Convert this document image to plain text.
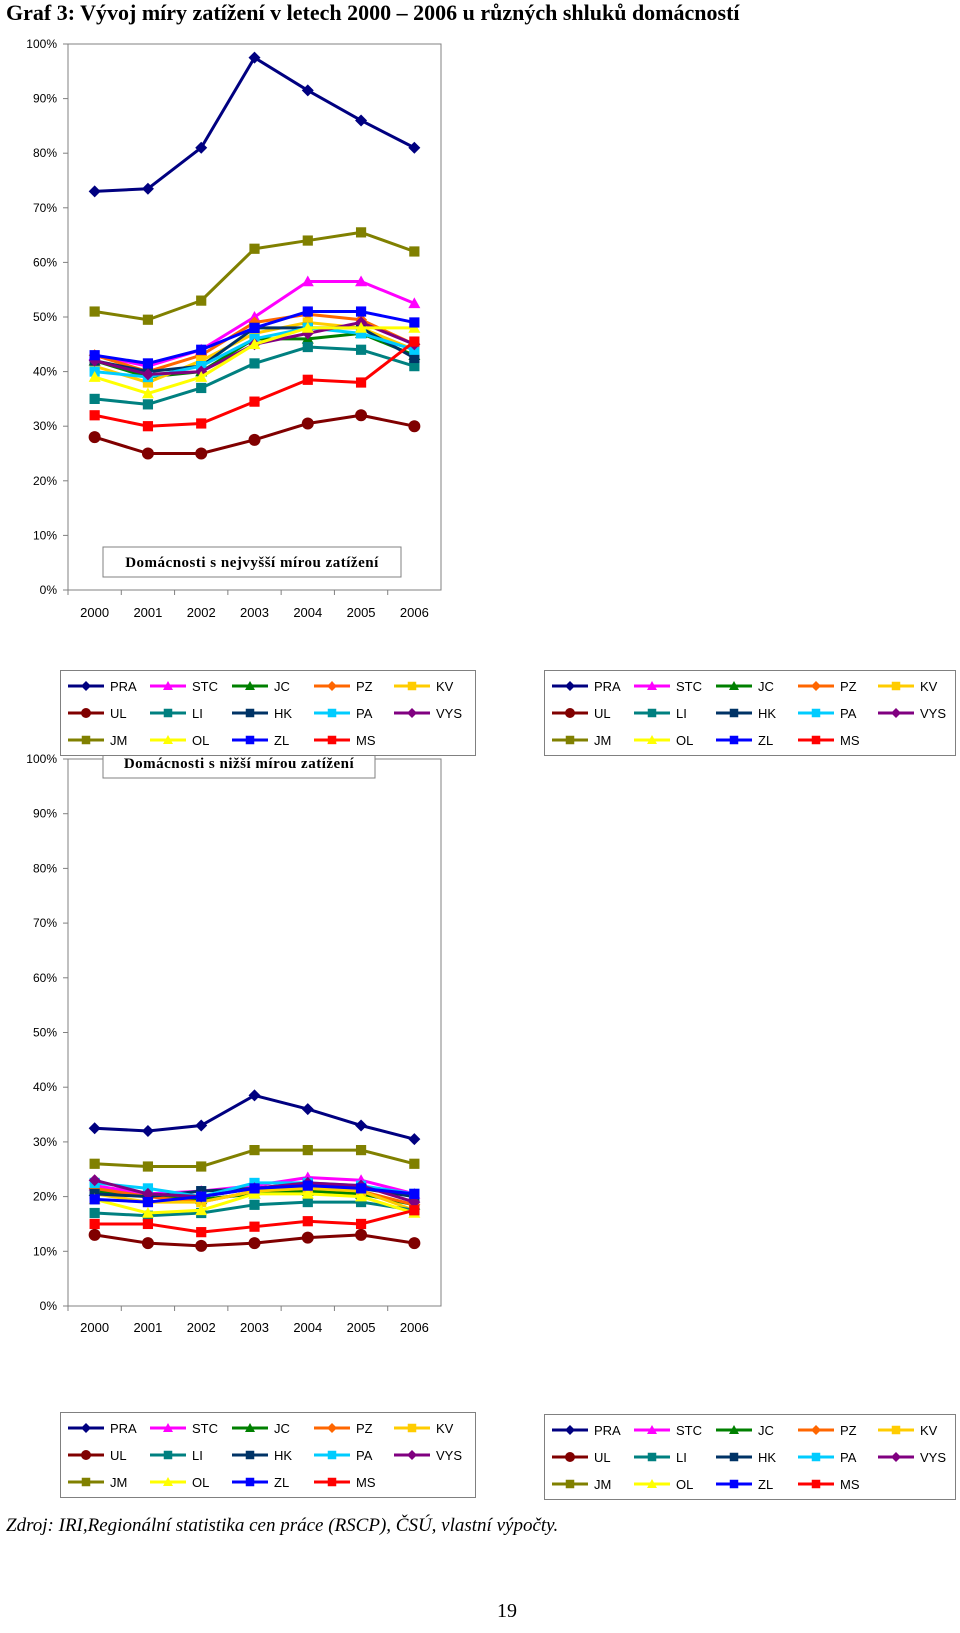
Graf 3: Vývoj míry zatížení v letech 2000 – 2006 u různých shluků domácností
0%
10%
20%
30%
40%
50%
60%
70%
80%
90%
100%
2000 2001 2002 2003 2004 2005 2006
Domácnosti s nejvyšší mírou zatížení
0%
10%
20%
30%
40%
50%
60%
70%
80%
90%
100%
2000 2001 2002 2003 2004 2005 2006
Domácnosti s nižší mírou zatížení
PRA	STC	JC	PZ	KV
UL	LI	HK	PA	VYS
JM	OL	ZL	MS
PRA	STC	JC	PZ	KV
UL	LI	HK	PA	VYS
JM	OL	ZL	MS
PRA	STC	JC	PZ	KV
UL	LI	HK	PA	VYS
JM	OL	ZL	MS
PRA	STC	JC	PZ	KV
UL	LI	HK	PA	VYS
JM	OL	ZL	MS
Zdroj: IRI,Regionální statistika cen práce (RSCP), ČSÚ, vlastní výpočty.
19
